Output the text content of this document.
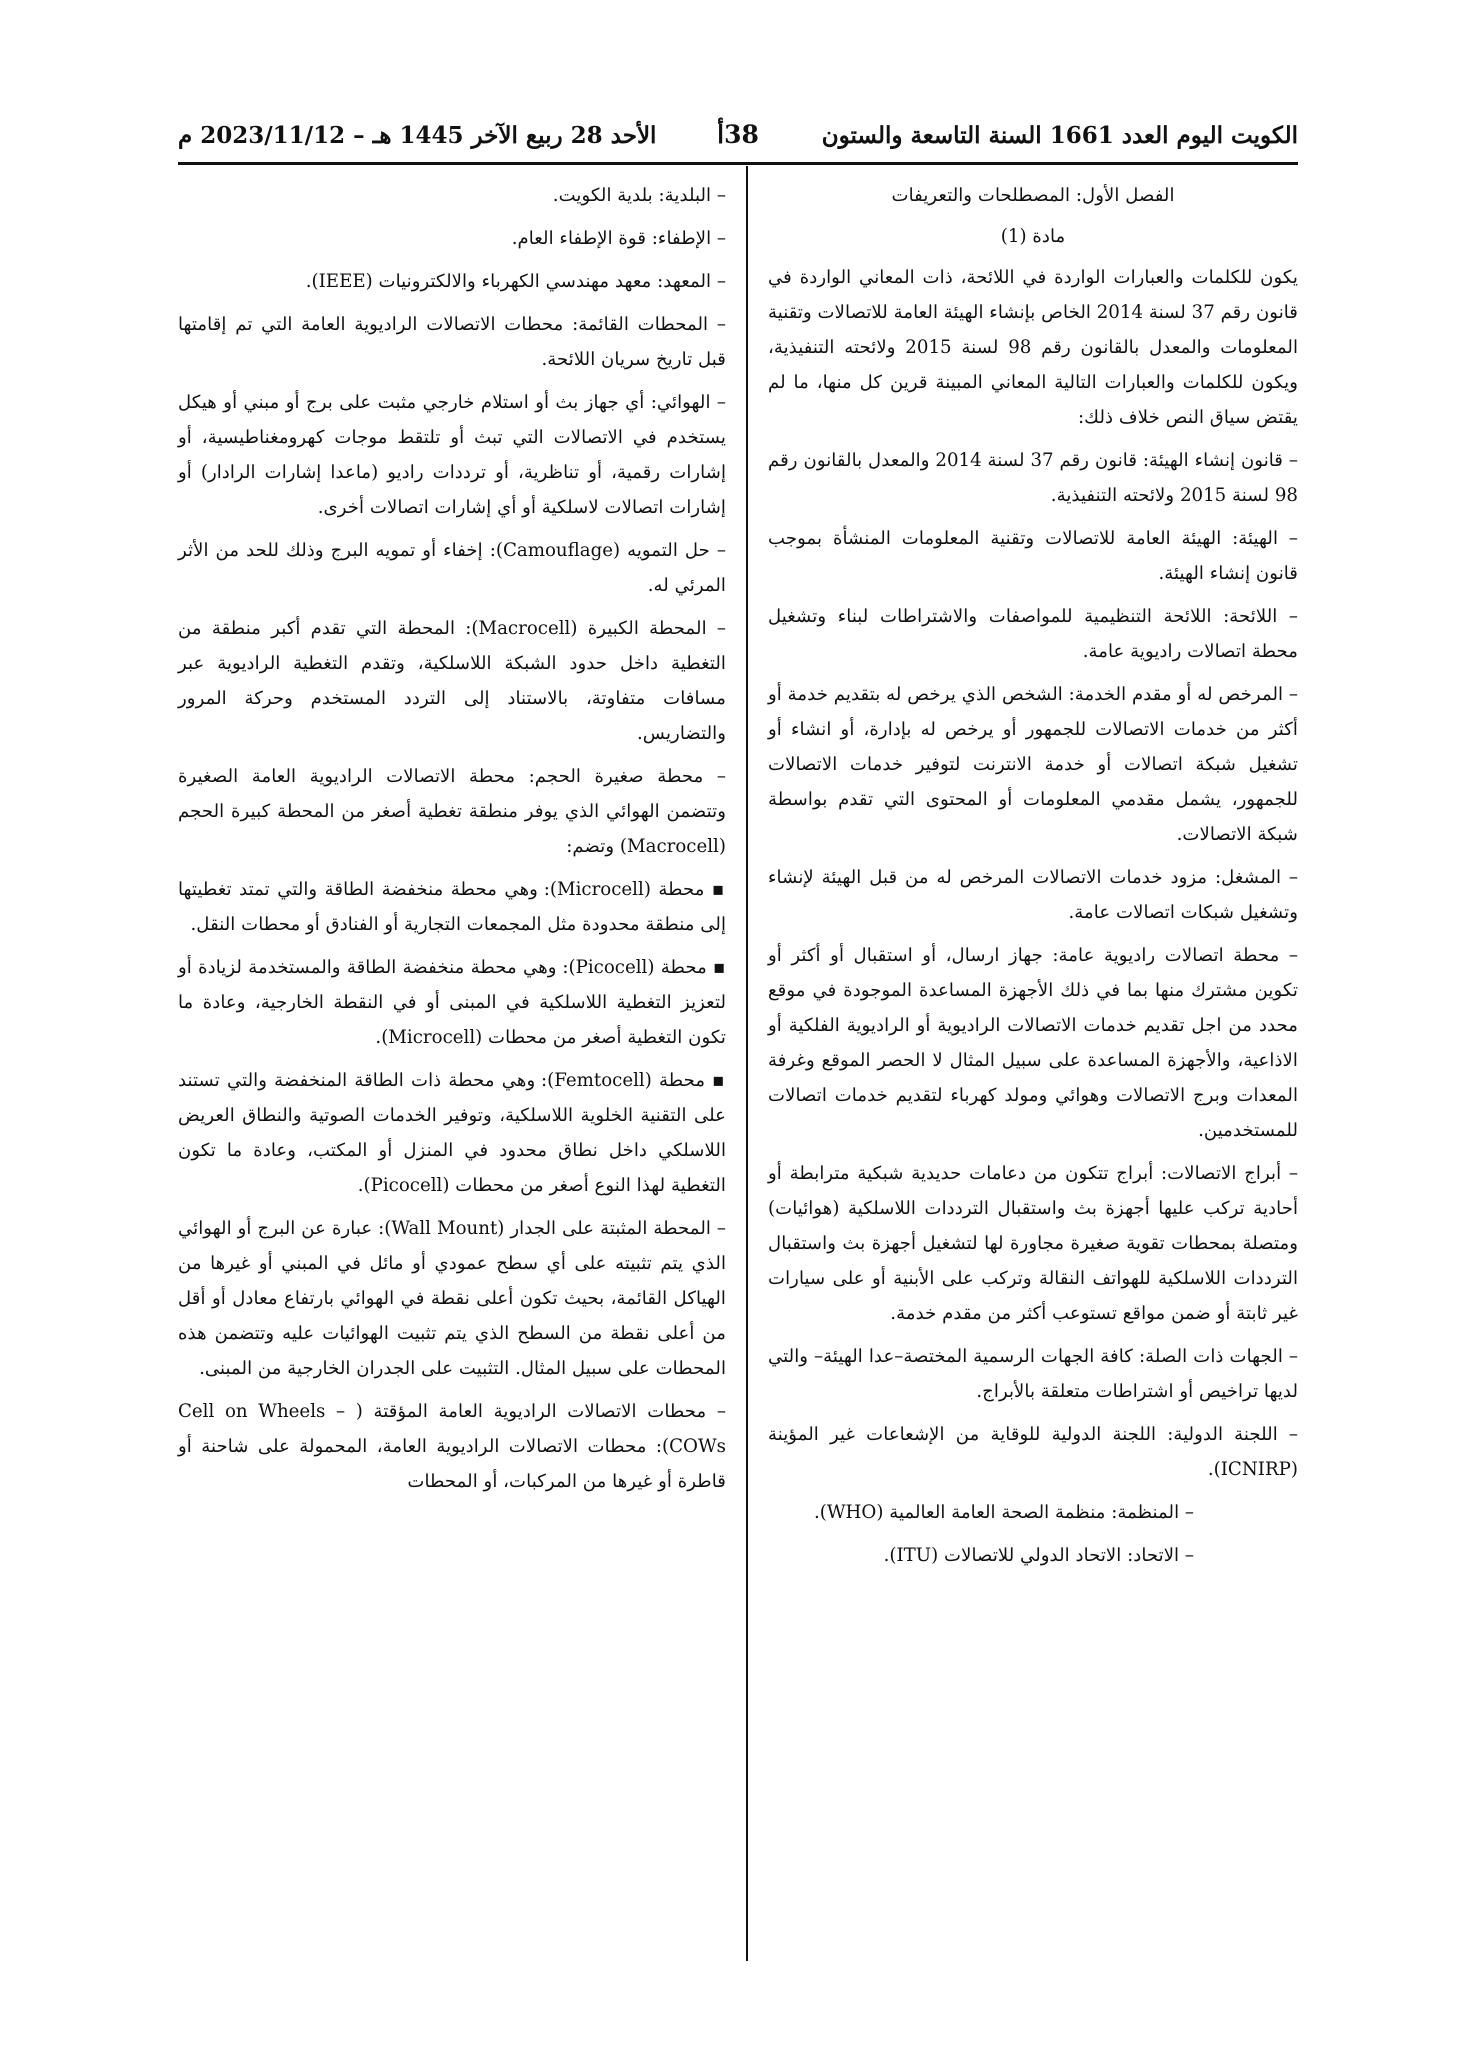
الكويت اليوم العدد 1661 السنة التاسعة والستون
38أ
الأحد 28 ربيع الآخر 1445 هـ – 2023/11/12 م

الفصل الأول: المصطلحات والتعريفات

مادة (1)

يكون للكلمات والعبارات الواردة في اللائحة، ذات المعاني الواردة في قانون رقم 37 لسنة 2014 الخاص بإنشاء الهيئة العامة للاتصالات وتقنية المعلومات والمعدل بالقانون رقم 98 لسنة 2015 ولائحته التنفيذية، ويكون للكلمات والعبارات التالية المعاني المبينة قرين كل منها، ما لم يقتض سياق النص خلاف ذلك:

– قانون إنشاء الهيئة: قانون رقم 37 لسنة 2014 والمعدل بالقانون رقم 98 لسنة 2015 ولائحته التنفيذية.

– الهيئة: الهيئة العامة للاتصالات وتقنية المعلومات المنشأة بموجب قانون إنشاء الهيئة.

– اللائحة: اللائحة التنظيمية للمواصفات والاشتراطات لبناء وتشغيل محطة اتصالات راديوية عامة.

– المرخص له أو مقدم الخدمة: الشخص الذي يرخص له بتقديم خدمة أو أكثر من خدمات الاتصالات للجمهور أو يرخص له بإدارة، أو انشاء أو تشغيل شبكة اتصالات أو خدمة الانترنت لتوفير خدمات الاتصالات للجمهور، يشمل مقدمي المعلومات أو المحتوى التي تقدم بواسطة شبكة الاتصالات.

– المشغل: مزود خدمات الاتصالات المرخص له من قبل الهيئة لإنشاء وتشغيل شبكات اتصالات عامة.

– محطة اتصالات راديوية عامة: جهاز ارسال، أو استقبال أو أكثر أو تكوين مشترك منها بما في ذلك الأجهزة المساعدة الموجودة في موقع محدد من اجل تقديم خدمات الاتصالات الراديوية أو الراديوية الفلكية أو الاذاعية، والأجهزة المساعدة على سبيل المثال لا الحصر الموقع وغرفة المعدات وبرج الاتصالات وهوائي ومولد كهرباء لتقديم خدمات اتصالات للمستخدمين.

– أبراج الاتصالات: أبراج تتكون من دعامات حديدية شبكية مترابطة أو أحادية تركب عليها أجهزة بث واستقبال الترددات اللاسلكية (هوائيات) ومتصلة بمحطات تقوية صغيرة مجاورة لها لتشغيل أجهزة بث واستقبال الترددات اللاسلكية للهواتف النقالة وتركب على الأبنية أو على سيارات غير ثابتة أو ضمن مواقع تستوعب أكثر من مقدم خدمة.

– الجهات ذات الصلة: كافة الجهات الرسمية المختصة–عدا الهيئة– والتي لديها تراخيص أو اشتراطات متعلقة بالأبراج.

– اللجنة الدولية: اللجنة الدولية للوقاية من الإشعاعات غير المؤينة (ICNIRP).

– المنظمة: منظمة الصحة العامة العالمية (WHO).

– الاتحاد: الاتحاد الدولي للاتصالات (ITU).

– البلدية: بلدية الكويت.

– الإطفاء: قوة الإطفاء العام.

– المعهد: معهد مهندسي الكهرباء والالكترونيات (IEEE).

– المحطات القائمة: محطات الاتصالات الراديوية العامة التي تم إقامتها قبل تاريخ سريان اللائحة.

– الهوائي: أي جهاز بث أو استلام خارجي مثبت على برج أو مبني أو هيكل يستخدم في الاتصالات التي تبث أو تلتقط موجات كهرومغناطيسية، أو إشارات رقمية، أو تناظرية، أو ترددات راديو (ماعدا إشارات الرادار) أو إشارات اتصالات لاسلكية أو أي إشارات اتصالات أخرى.

– حل التمويه (Camouflage): إخفاء أو تمويه البرج وذلك للحد من الأثر المرئي له.

– المحطة الكبيرة (Macrocell): المحطة التي تقدم أكبر منطقة من التغطية داخل حدود الشبكة اللاسلكية، وتقدم التغطية الراديوية عبر مسافات متفاوتة، بالاستناد إلى التردد المستخدم وحركة المرور والتضاريس.

– محطة صغيرة الحجم: محطة الاتصالات الراديوية العامة الصغيرة وتتضمن الهوائي الذي يوفر منطقة تغطية أصغر من المحطة كبيرة الحجم (Macrocell) وتضم:

▪ محطة (Microcell): وهي محطة منخفضة الطاقة والتي تمتد تغطيتها إلى منطقة محدودة مثل المجمعات التجارية أو الفنادق أو محطات النقل.

▪ محطة (Picocell): وهي محطة منخفضة الطاقة والمستخدمة لزيادة أو لتعزيز التغطية اللاسلكية في المبنى أو في النقطة الخارجية، وعادة ما تكون التغطية أصغر من محطات (Microcell).

▪ محطة (Femtocell): وهي محطة ذات الطاقة المنخفضة والتي تستند على التقنية الخلوية اللاسلكية، وتوفير الخدمات الصوتية والنطاق العريض اللاسلكي داخل نطاق محدود في المنزل أو المكتب، وعادة ما تكون التغطية لهذا النوع أصغر من محطات (Picocell).

– المحطة المثبتة على الجدار (Wall Mount): عبارة عن البرج أو الهوائي الذي يتم تثبيته على أي سطح عمودي أو مائل في المبني أو غيرها من الهياكل القائمة، بحيث تكون أعلى نقطة في الهوائي بارتفاع معادل أو أقل من أعلى نقطة من السطح الذي يتم تثبيت الهوائيات عليه وتتضمن هذه المحطات على سبيل المثال. التثبيت على الجدران الخارجية من المبنى.

– محطات الاتصالات الراديوية العامة المؤقتة ( Cell on Wheels – COWs): محطات الاتصالات الراديوية العامة، المحمولة على شاحنة أو قاطرة أو غيرها من المركبات، أو المحطات
